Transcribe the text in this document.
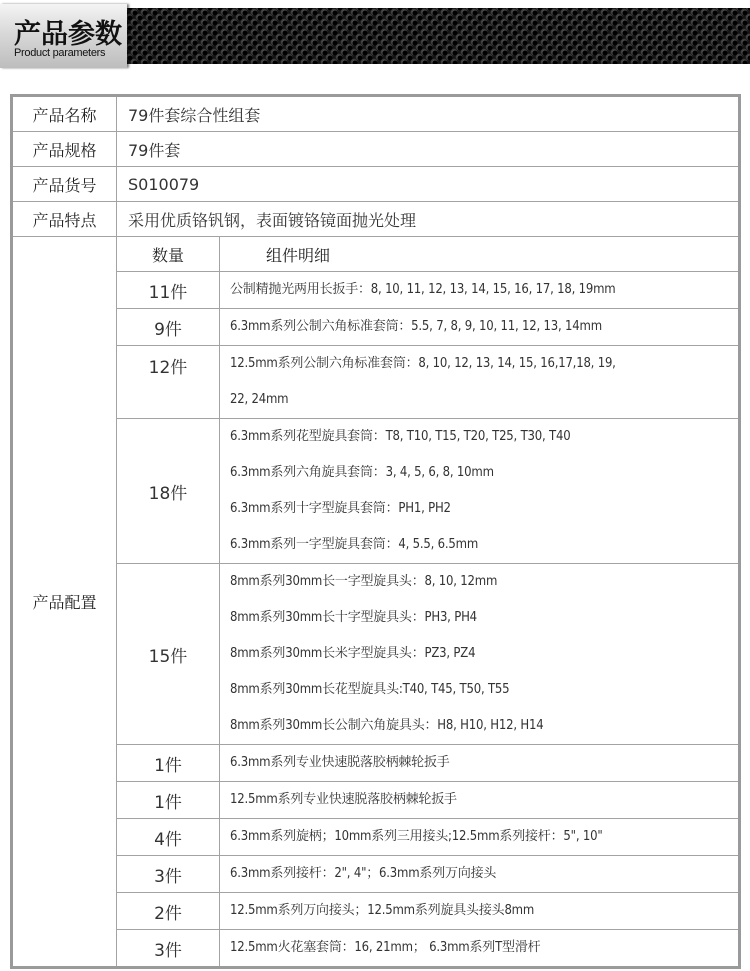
产品参数
Product parameters
产品名称	79件套综合性组套	
产品规格	79件套	
产品货号	S010079	
产品特点	采用优质铬钒钢，表面镀铬镜面抛光处理	
产品配置	数量	组件明细
	11件	公制精抛光两用长扳手：8, 10, 11, 12, 13, 14, 15, 16, 17, 18, 19mm

	9件	6.3mm系列公制六角标准套筒：5.5, 7, 8, 9, 10, 11, 12, 13, 14mm

	12件	12.5mm系列公制六角标准套筒：8, 10, 12, 13, 14, 15, 16,17,18, 19,
22, 24mm

	18件	6.3mm系列花型旋具套筒：T8, T10, T15, T20, T25, T30, T40
6.3mm系列六角旋具套筒：3, 4, 5, 6, 8, 10mm
6.3mm系列十字型旋具套筒：PH1, PH2
6.3mm系列一字型旋具套筒：4, 5.5, 6.5mm

	15件	8mm系列30mm长一字型旋具头：8, 10, 12mm
8mm系列30mm长十字型旋具头：PH3, PH4
8mm系列30mm长米字型旋具头：PZ3, PZ4
8mm系列30mm长花型旋具头:T40, T45, T50, T55
8mm系列30mm长公制六角旋具头：H8, H10, H12, H14

	1件	6.3mm系列专业快速脱落胶柄棘轮扳手

	1件	12.5mm系列专业快速脱落胶柄棘轮扳手

	4件	6.3mm系列旋柄；10mm系列三用接头;12.5mm系列接杆：5", 10"

	3件	6.3mm系列接杆：2", 4"；6.3mm系列万向接头

	2件	12.5mm系列万向接头；12.5mm系列旋具头接头8mm

	3件	12.5mm火花塞套筒：16, 21mm； 6.3mm系列T型滑杆
